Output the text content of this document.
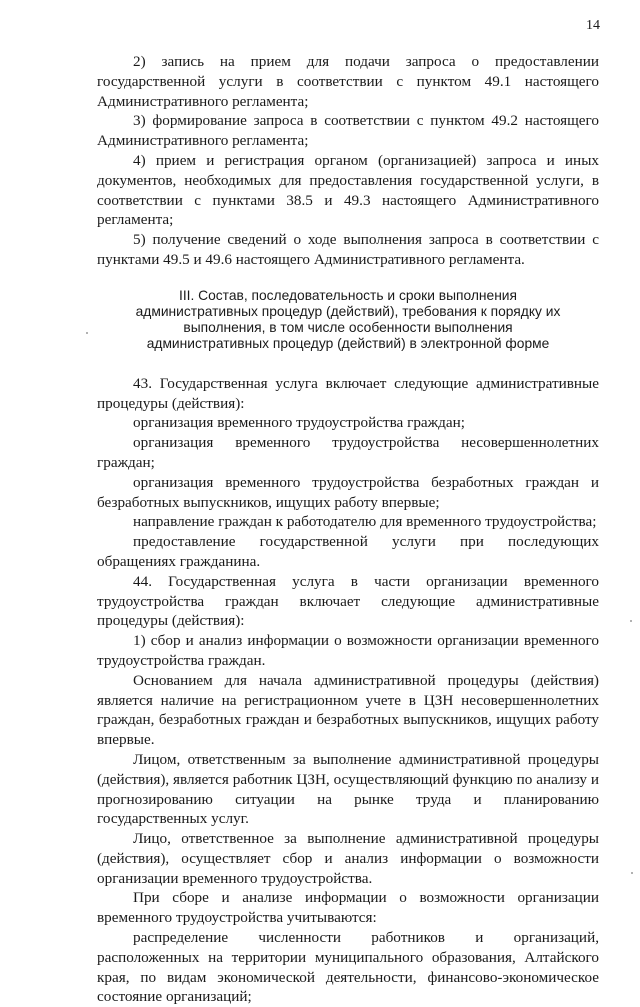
14

2) запись на прием для подачи запроса о предоставлении государственной услуги в соответствии с пунктом 49.1 настоящего Административного регламента;

3) формирование запроса в соответствии с пунктом 49.2 настоящего Административного регламента;

4) прием и регистрация органом (организацией) запроса и иных документов, необходимых для предоставления государственной услуги, в соответствии с пунктами 38.5 и 49.3 настоящего Административного регламента;

5) получение сведений о ходе выполнения запроса в соответствии с пунктами 49.5 и 49.6 настоящего Административного регламента.

III. Состав, последовательность и сроки выполнения административных процедур (действий), требования к порядку их выполнения, в том числе особенности выполнения административных процедур (действий) в электронной форме

43. Государственная услуга включает следующие административные процедуры (действия):

организация временного трудоустройства граждан;

организация временного трудоустройства несовершеннолетних граждан;

организация временного трудоустройства безработных граждан и безработных выпускников, ищущих работу впервые;

направление граждан к работодателю для временного трудоустройства;

предоставление государственной услуги при последующих обращениях гражданина.

44. Государственная услуга в части организации временного трудоустройства граждан включает следующие административные процедуры (действия):

1) сбор и анализ информации о возможности организации временного трудоустройства граждан.

Основанием для начала административной процедуры (действия) является наличие на регистрационном учете в ЦЗН несовершеннолетних граждан, безработных граждан и безработных выпускников, ищущих работу впервые.

Лицом, ответственным за выполнение административной процедуры (действия), является работник ЦЗН, осуществляющий функцию по анализу и прогнозированию ситуации на рынке труда и планированию государственных услуг.

Лицо, ответственное за выполнение административной процедуры (действия), осуществляет сбор и анализ информации о возможности организации временного трудоустройства.

При сборе и анализе информации о возможности организации временного трудоустройства учитываются:

распределение численности работников и организаций, расположенных на территории муниципального образования, Алтайского края, по видам экономической деятельности, финансово-экономическое состояние организаций;
